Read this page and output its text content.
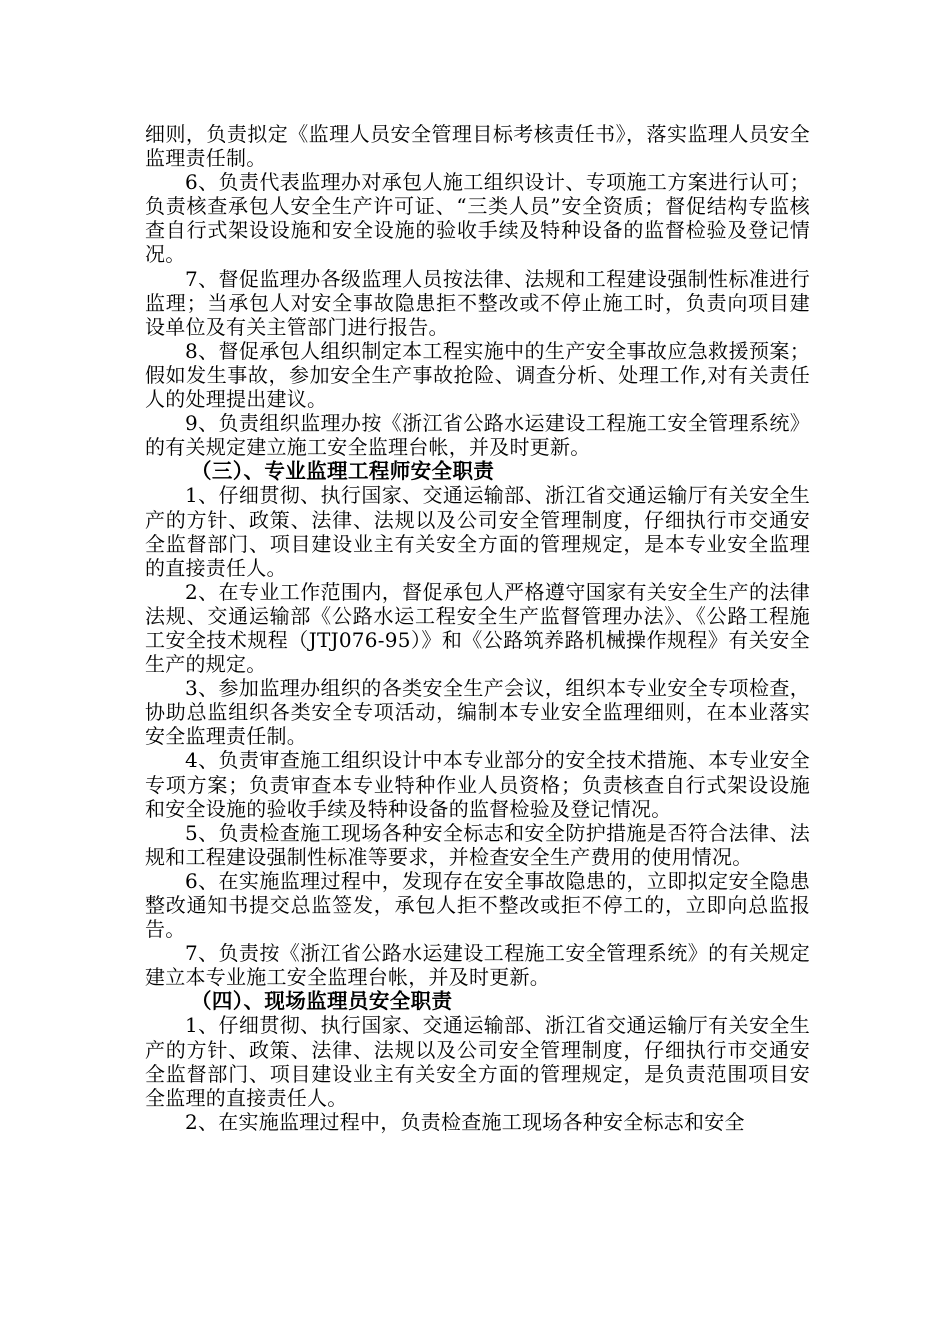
细则，负责拟定《监理人员安全管理目标考核责任书》，落实监理人员安全监理责任制。

6、负责代表监理办对承包人施工组织设计、专项施工方案进行认可；负责核查承包人安全生产许可证、“三类人员”安全资质；督促结构专监核查自行式架设设施和安全设施的验收手续及特种设备的监督检验及登记情况。

7、督促监理办各级监理人员按法律、法规和工程建设强制性标准进行监理；当承包人对安全事故隐患拒不整改或不停止施工时，负责向项目建设单位及有关主管部门进行报告。

8、督促承包人组织制定本工程实施中的生产安全事故应急救援预案；假如发生事故，参加安全生产事故抢险、调查分析、处理工作,对有关责任人的处理提出建议。

9、负责组织监理办按《浙江省公路水运建设工程施工安全管理系统》的有关规定建立施工安全监理台帐，并及时更新。

（三）、专业监理工程师安全职责

1、仔细贯彻、执行国家、交通运输部、浙江省交通运输厅有关安全生产的方针、政策、法律、法规以及公司安全管理制度，仔细执行市交通安全监督部门、项目建设业主有关安全方面的管理规定，是本专业安全监理的直接责任人。

2、在专业工作范围内，督促承包人严格遵守国家有关安全生产的法律法规、交通运输部《公路水运工程安全生产监督管理办法》、《公路工程施工安全技术规程（JTJ076-95）》和《公路筑养路机械操作规程》有关安全生产的规定。

3、参加监理办组织的各类安全生产会议，组织本专业安全专项检查，协助总监组织各类安全专项活动，编制本专业安全监理细则，在本业落实安全监理责任制。

4、负责审查施工组织设计中本专业部分的安全技术措施、本专业安全专项方案；负责审查本专业特种作业人员资格；负责核查自行式架设设施和安全设施的验收手续及特种设备的监督检验及登记情况。

5、负责检查施工现场各种安全标志和安全防护措施是否符合法律、法规和工程建设强制性标准等要求，并检查安全生产费用的使用情况。

6、在实施监理过程中，发现存在安全事故隐患的，立即拟定安全隐患整改通知书提交总监签发，承包人拒不整改或拒不停工的，立即向总监报告。

7、负责按《浙江省公路水运建设工程施工安全管理系统》的有关规定建立本专业施工安全监理台帐，并及时更新。

（四）、现场监理员安全职责

1、仔细贯彻、执行国家、交通运输部、浙江省交通运输厅有关安全生产的方针、政策、法律、法规以及公司安全管理制度，仔细执行市交通安全监督部门、项目建设业主有关安全方面的管理规定，是负责范围项目安全监理的直接责任人。

2、在实施监理过程中，负责检查施工现场各种安全标志和安全
